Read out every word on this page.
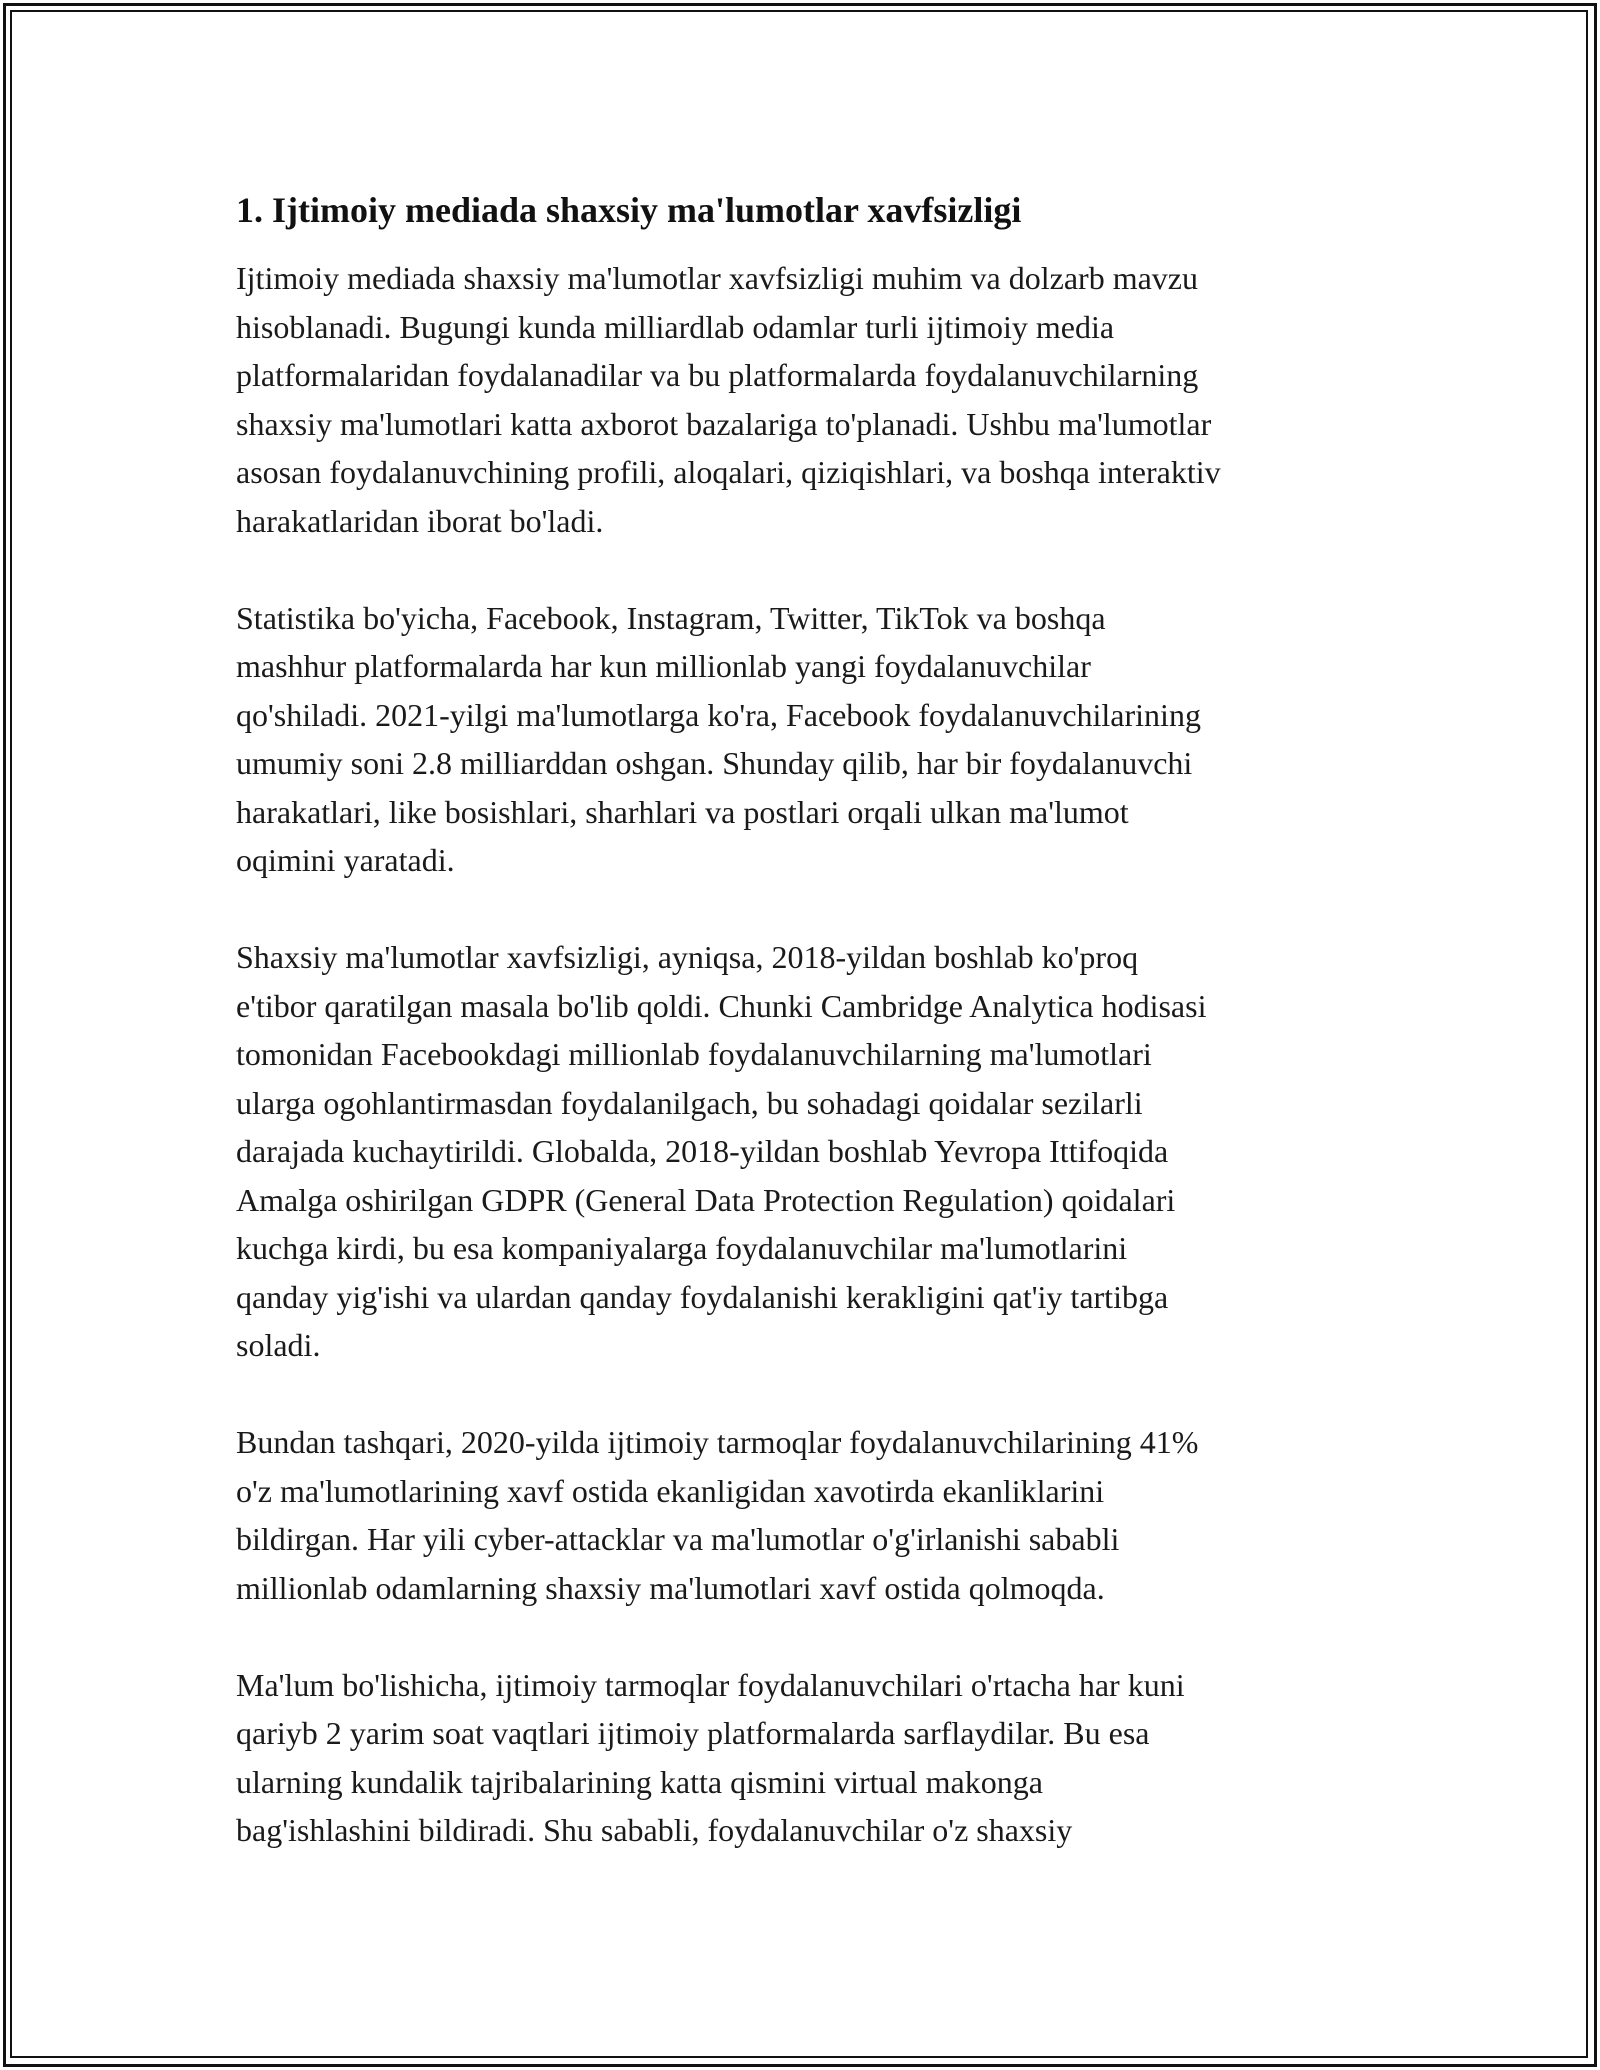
1. Ijtimoiy mediada shaxsiy ma'lumotlar xavfsizligi
Ijtimoiy mediada shaxsiy ma'lumotlar xavfsizligi muhim va dolzarb mavzu
hisoblanadi. Bugungi kunda milliardlab odamlar turli ijtimoiy media
platformalaridan foydalanadilar va bu platformalarda foydalanuvchilarning
shaxsiy ma'lumotlari katta axborot bazalariga to'planadi. Ushbu ma'lumotlar
asosan foydalanuvchining profili, aloqalari, qiziqishlari, va boshqa interaktiv
harakatlaridan iborat bo'ladi.
Statistika bo'yicha, Facebook, Instagram, Twitter, TikTok va boshqa
mashhur platformalarda har kun millionlab yangi foydalanuvchilar
qo'shiladi. 2021-yilgi ma'lumotlarga ko'ra, Facebook foydalanuvchilarining
umumiy soni 2.8 milliarddan oshgan. Shunday qilib, har bir foydalanuvchi
harakatlari, like bosishlari, sharhlari va postlari orqali ulkan ma'lumot
oqimini yaratadi.
Shaxsiy ma'lumotlar xavfsizligi, ayniqsa, 2018-yildan boshlab ko'proq
e'tibor qaratilgan masala bo'lib qoldi. Chunki Cambridge Analytica hodisasi
tomonidan Facebookdagi millionlab foydalanuvchilarning ma'lumotlari
ularga ogohlantirmasdan foydalanilgach, bu sohadagi qoidalar sezilarli
darajada kuchaytirildi. Globalda, 2018-yildan boshlab Yevropa Ittifoqida
Amalga oshirilgan GDPR (General Data Protection Regulation) qoidalari
kuchga kirdi, bu esa kompaniyalarga foydalanuvchilar ma'lumotlarini
qanday yig'ishi va ulardan qanday foydalanishi kerakligini qat'iy tartibga
soladi.
Bundan tashqari, 2020-yilda ijtimoiy tarmoqlar foydalanuvchilarining 41%
o'z ma'lumotlarining xavf ostida ekanligidan xavotirda ekanliklarini
bildirgan. Har yili cyber-attacklar va ma'lumotlar o'g'irlanishi sababli
millionlab odamlarning shaxsiy ma'lumotlari xavf ostida qolmoqda.
Ma'lum bo'lishicha, ijtimoiy tarmoqlar foydalanuvchilari o'rtacha har kuni
qariyb 2 yarim soat vaqtlari ijtimoiy platformalarda sarflaydilar. Bu esa
ularning kundalik tajribalarining katta qismini virtual makonga
bag'ishlashini bildiradi. Shu sababli, foydalanuvchilar o'z shaxsiy
